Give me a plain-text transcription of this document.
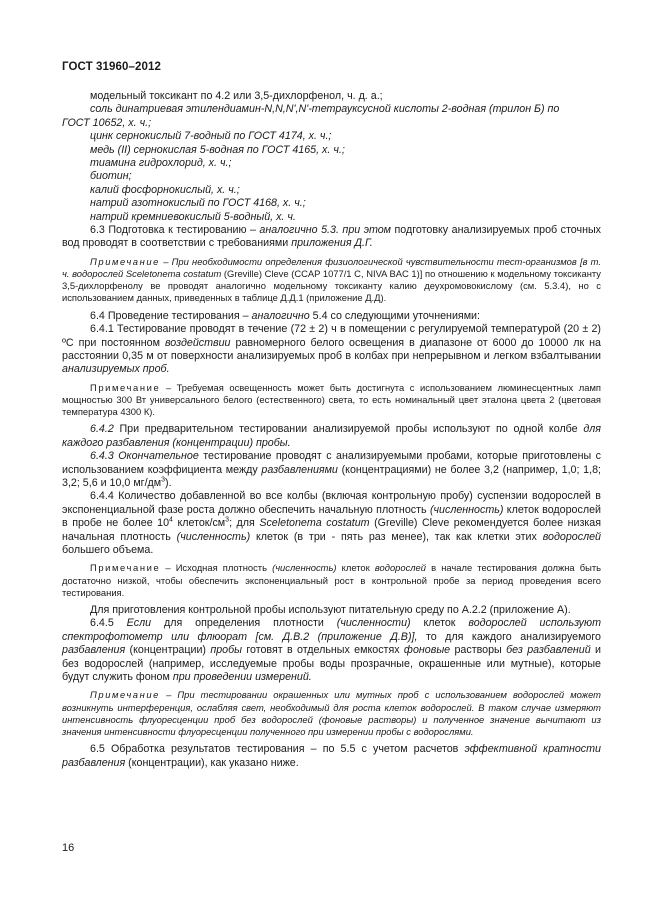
ГОСТ 31960–2012

модельный токсикант по 4.2 или 3,5-дихлорфенол, ч. д. а.;

соль динатриевая этилендиамин-N,N,N',N'-тетрауксусной кислоты 2-водная (трилон Б) по

ГОСТ 10652, х. ч.;

цинк сернокислый 7-водный по ГОСТ 4174, х. ч.;

медь (II) сернокислая 5-водная по ГОСТ 4165, х. ч.;

тиамина гидрохлорид, х. ч.;

биотин;

калий фосфорнокислый, х. ч.;

натрий азотнокислый по ГОСТ 4168, х. ч.;

натрий кремниевокислый 5-водный, х. ч.

6.3 Подготовка к тестированию – аналогично 5.3. при этом подготовку анализируемых проб сточных вод проводят в соответствии с требованиями приложения Д.Г.

Примечание – При необходимости определения физиологической чувствительности тест-организмов [в т. ч. водорослей Sceletonema costatum (Greville) Cleve (CCAP 1077/1 C, NIVA BAC 1)] по отношению к модельному токсиканту 3,5-дихлорфенолу ве проводят аналогично модельному токсиканту калию деухромовокислому (см. 5.3.4), но с использованием данных, приведенных в таблице Д.Д.1 (приложение Д.Д).

6.4 Проведение тестирования – аналогично 5.4 со следующими уточнениями:

6.4.1 Тестирование проводят в течение (72 ± 2) ч в помещении с регулируемой температурой (20 ± 2) ºС при постоянном воздействии равномерного белого освещения в диапазоне от 6000 до 10000 лк на расстоянии 0,35 м от поверхности анализируемых проб в колбах при непрерывном и легком взбалтывании анализируемых проб.

Примечание – Требуемая освещенность может быть достигнута с использованием люминесцентных ламп мощностью 300 Вт универсального белого (естественного) света, то есть номинальный цвет эталона цвета 2 (цветовая температура 4300 К).

6.4.2 При предварительном тестировании анализируемой пробы используют по одной колбе для каждого разбавления (концентрации) пробы.

6.4.3 Окончательное тестирование проводят с анализируемыми пробами, которые приготовлены с использованием коэффициента между разбавлениями (концентрациями) не более 3,2 (например, 1,0; 1,8; 3,2; 5,6 и 10,0 $мг/дм^3$).

6.4.4 Количество добавленной во все колбы (включая контрольную пробу) суспензии водорослей в экспоненциальной фазе роста должно обеспечить начальную плотность (численность) клеток водорослей в пробе не более $10^4$ клеток/$см^3$; для Sceletonema costatum (Greville) Cleve рекомендуется более низкая начальная плотность (численность) клеток (в три - пять раз менее), так как клетки этих водорослей большего объема.

Примечание – Исходная плотность (численность) клеток водорослей в начале тестирования должна быть достаточно низкой, чтобы обеспечить экспоненциальный рост в контрольной пробе за период проведения всего тестирования.

Для приготовления контрольной пробы используют питательную среду по А.2.2 (приложение А).

6.4.5 Если для определения плотности (численности) клеток водорослей используют спектрофотометр или флюорат [см. Д.В.2 (приложение Д.В)], то для каждого анализируемого разбавления (концентрации) пробы готовят в отдельных емкостях фоновые растворы без разбавлений и без водорослей (например, исследуемые пробы воды прозрачные, окрашенные или мутные), которые будут служить фоном при проведении измерений.

Примечание – При тестировании окрашенных или мутных проб с использованием водорослей может возникнуть интерференция, ослабляя свет, необходимый для роста клеток водорослей. В таком случае измеряют интенсивность флуоресценции проб без водорослей (фоновые растворы) и полученное значение вычитают из значения интенсивности флуоресценции полученного при измерении пробы с водорослями.

6.5 Обработка результатов тестирования – по 5.5 с учетом расчетов эффективной кратности разбавления (концентрации), как указано ниже.

16
